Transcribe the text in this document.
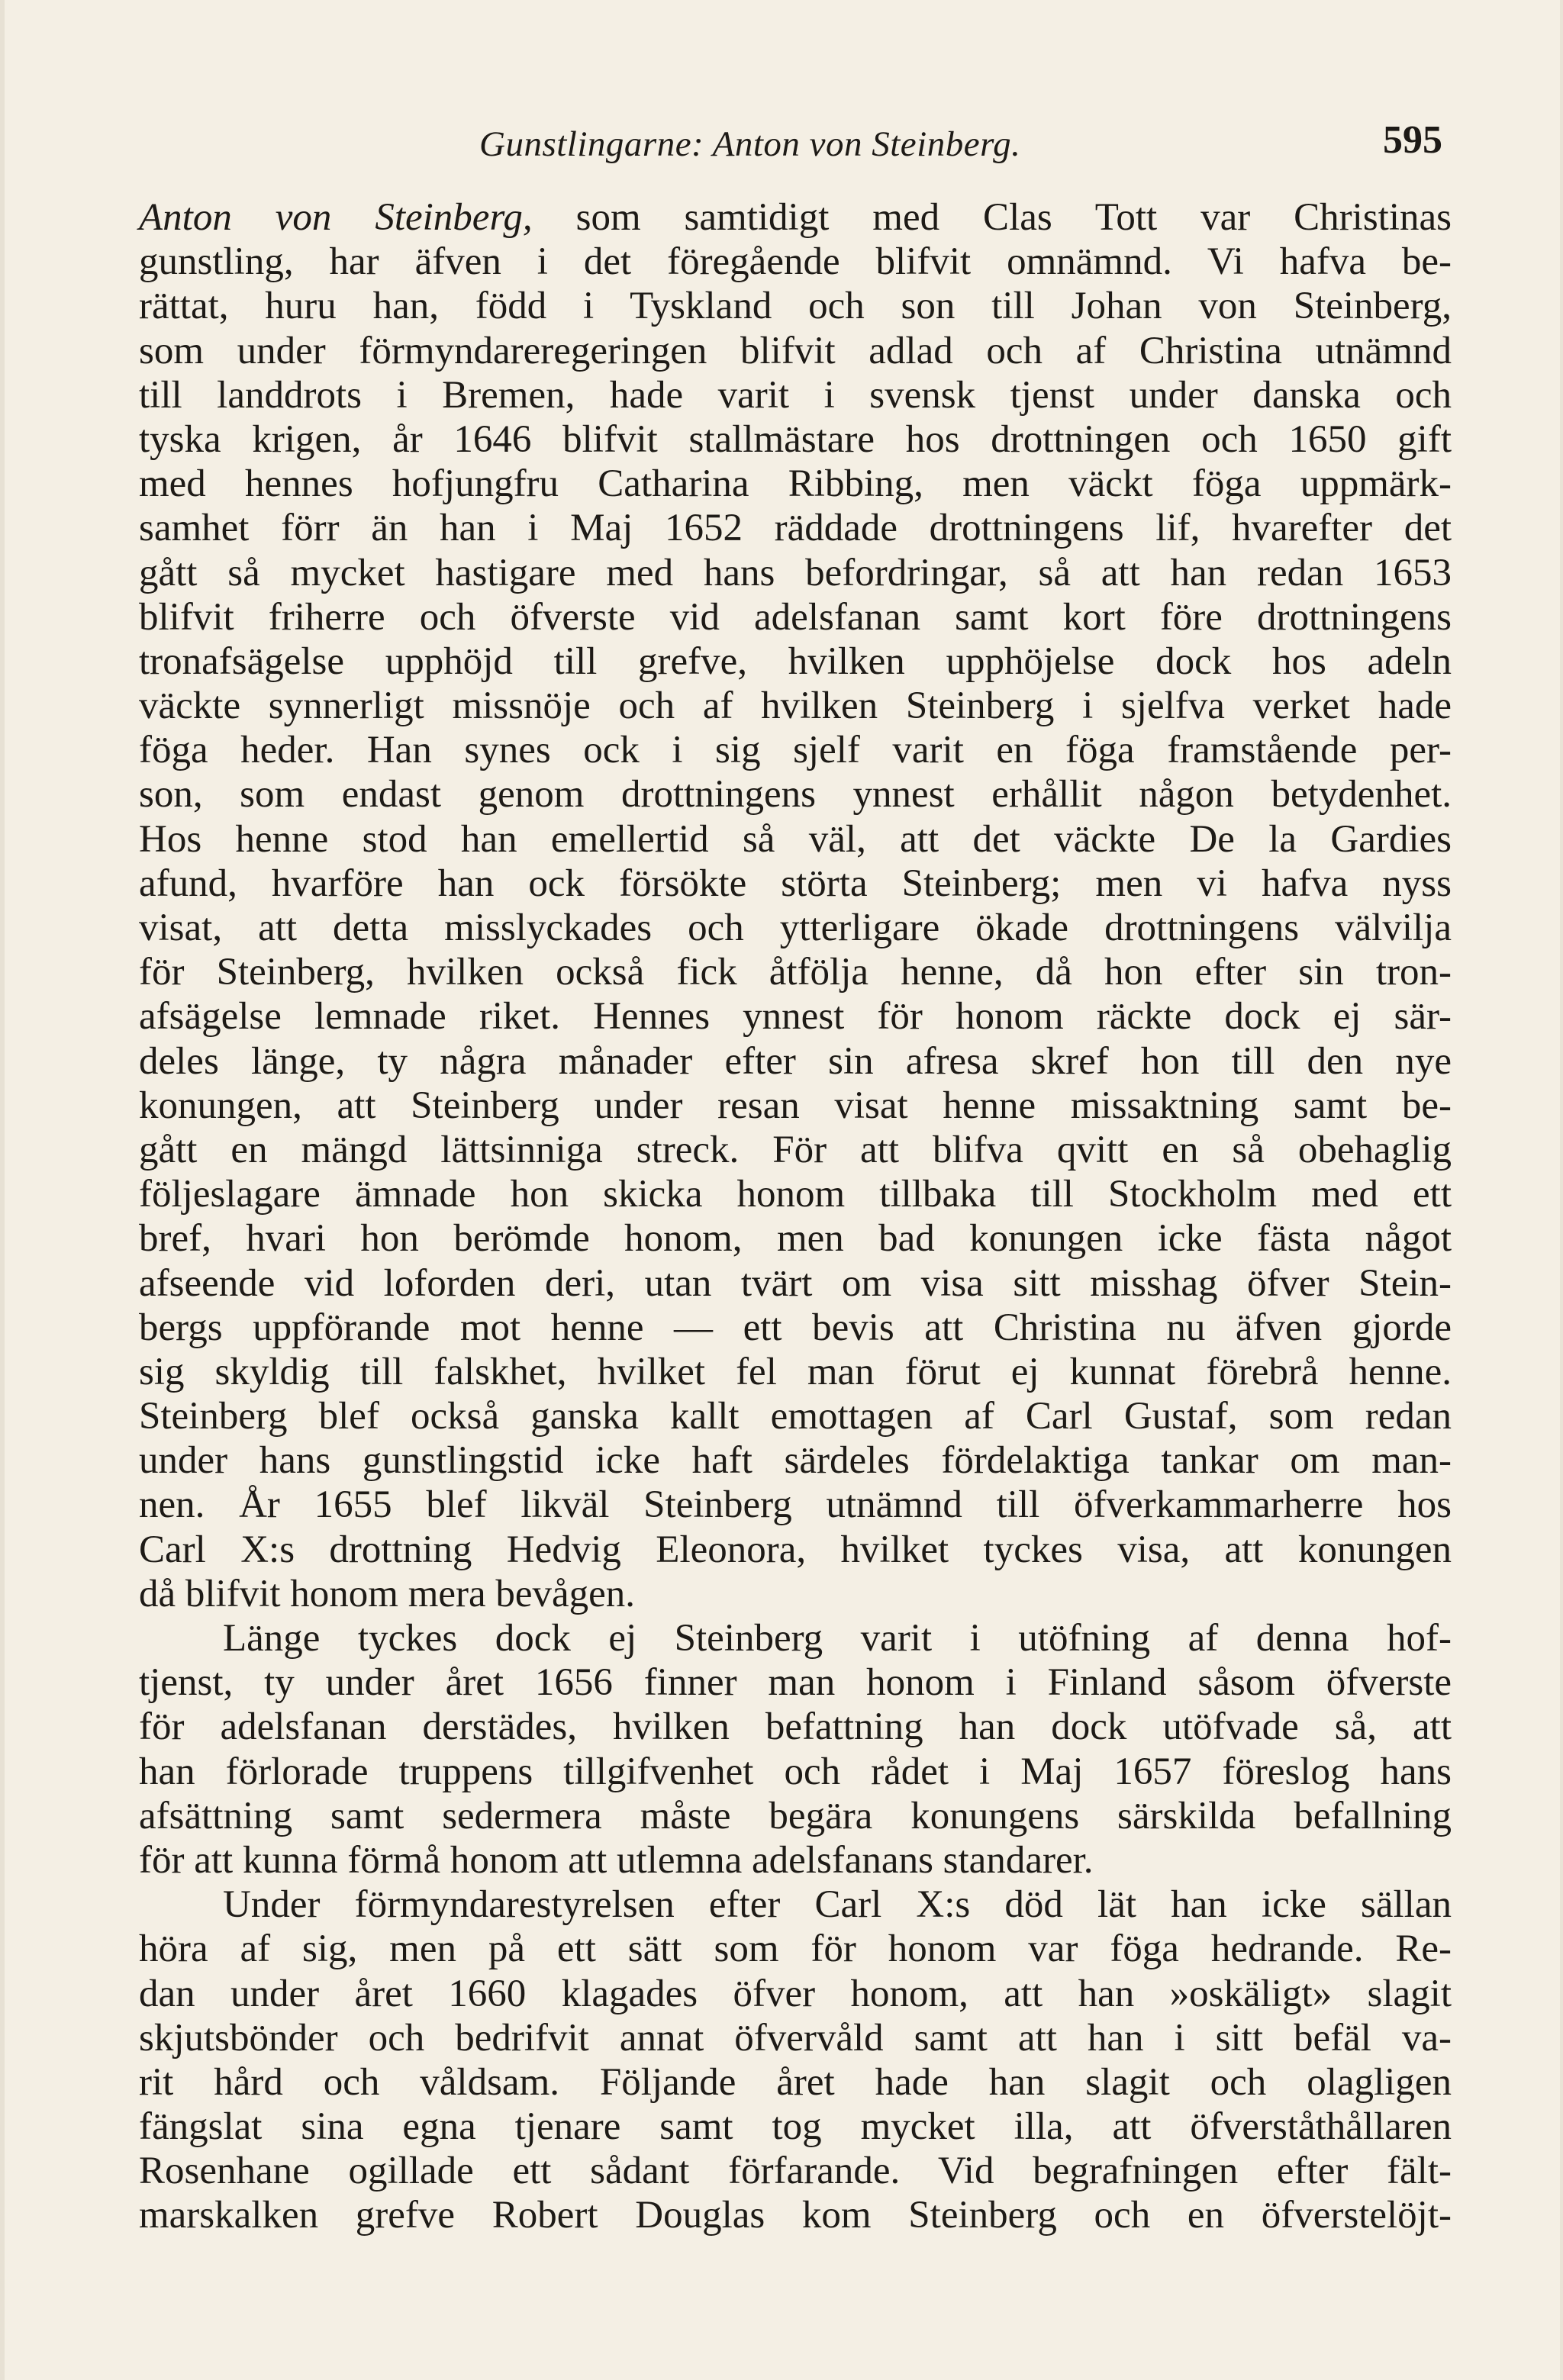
Gunstlingarne: Anton von Steinberg.	595
Anton von Steinberg, som samtidigt med Clas Tott var Christinas
gunstling, har äfven i det föregående blifvit omnämnd. Vi hafva be-
rättat, huru han, född i Tyskland och son till Johan von Steinberg,
som under förmyndareregeringen blifvit adlad och af Christina utnämnd
till landdrots i Bremen, hade varit i svensk tjenst under danska och
tyska krigen, år 1646 blifvit stallmästare hos drottningen och 1650 gift
med hennes hofjungfru Catharina Ribbing, men väckt föga uppmärk-
samhet förr än han i Maj 1652 räddade drottningens lif, hvarefter det
gått så mycket hastigare med hans befordringar, så att han redan 1653
blifvit friherre och öfverste vid adelsfanan samt kort före drottningens
tronafsägelse upphöjd till grefve, hvilken upphöjelse dock hos adeln
väckte synnerligt missnöje och af hvilken Steinberg i sjelfva verket hade
föga heder. Han synes ock i sig sjelf varit en föga framstående per-
son, som endast genom drottningens ynnest erhållit någon betydenhet.
Hos henne stod han emellertid så väl, att det väckte De la Gardies
afund, hvarföre han ock försökte störta Steinberg; men vi hafva nyss
visat, att detta misslyckades och ytterligare ökade drottningens välvilja
för Steinberg, hvilken också fick åtfölja henne, då hon efter sin tron-
afsägelse lemnade riket. Hennes ynnest för honom räckte dock ej sär-
deles länge, ty några månader efter sin afresa skref hon till den nye
konungen, att Steinberg under resan visat henne missaktning samt be-
gått en mängd lättsinniga streck. För att blifva qvitt en så obehaglig
följeslagare ämnade hon skicka honom tillbaka till Stockholm med ett
bref, hvari hon berömde honom, men bad konungen icke fästa något
afseende vid loforden deri, utan tvärt om visa sitt misshag öfver Stein-
bergs uppförande mot henne — ett bevis att Christina nu äfven gjorde
sig skyldig till falskhet, hvilket fel man förut ej kunnat förebrå henne.
Steinberg blef också ganska kallt emottagen af Carl Gustaf, som redan
under hans gunstlingstid icke haft särdeles fördelaktiga tankar om man-
nen. År 1655 blef likväl Steinberg utnämnd till öfverkammarherre hos
Carl X:s drottning Hedvig Eleonora, hvilket tyckes visa, att konungen
då blifvit honom mera bevågen.
Länge tyckes dock ej Steinberg varit i utöfning af denna hof-
tjenst, ty under året 1656 finner man honom i Finland såsom öfverste
för adelsfanan derstädes, hvilken befattning han dock utöfvade så, att
han förlorade truppens tillgifvenhet och rådet i Maj 1657 föreslog hans
afsättning samt sedermera måste begära konungens särskilda befallning
för att kunna förmå honom att utlemna adelsfanans standarer.
Under förmyndarestyrelsen efter Carl X:s död lät han icke sällan
höra af sig, men på ett sätt som för honom var föga hedrande. Re-
dan under året 1660 klagades öfver honom, att han »oskäligt» slagit
skjutsbönder och bedrifvit annat öfvervåld samt att han i sitt befäl va-
rit hård och våldsam. Följande året hade han slagit och olagligen
fängslat sina egna tjenare samt tog mycket illa, att öfverståthållaren
Rosenhane ogillade ett sådant förfarande. Vid begrafningen efter fält-
marskalken grefve Robert Douglas kom Steinberg och en öfverstelöjt-
